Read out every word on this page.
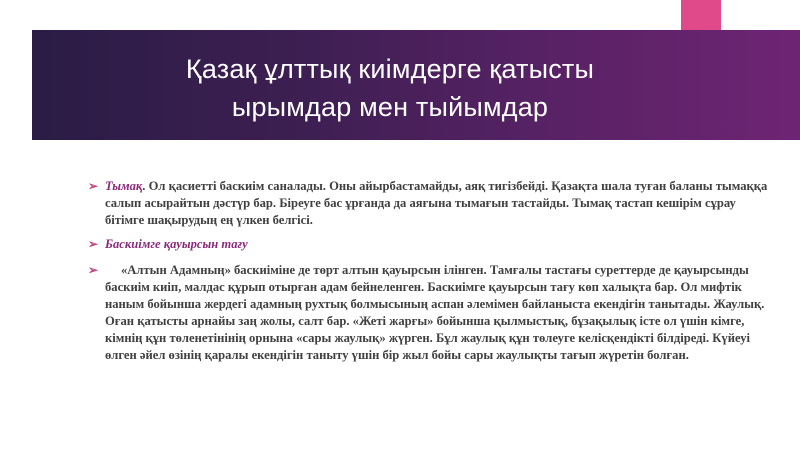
Қазақ ұлттық киімдерге қатысты
ырымдар мен тыйымдар
➢ Тымақ. Ол қасиетті баскиім саналады. Оны айырбастамайды, аяқ тигізбейді. Қазақта шала туған баланы тымаққа салып асырайтын дәстүр бар. Біреуге бас ұрғанда да аяғына тымағын тастайды. Тымақ тастап кешірім сұрау бітімге шақырудың ең үлкен белгісі.
➢ Баскиімге қауырсын тағу
➢	«Алтын Адамның» баскиіміне де төрт алтын қауырсын ілінген. Тамғалы тастағы суреттерде де қауырсынды баскиім киіп, малдас құрып отырған адам бейнеленген. Баскиімге қауырсын тағу көп халықта бар. Ол мифтік наным бойынша жердегі адамның рухтық болмысының аспан әлемімен байланыста екендігін танытады. Жаулық. Оған қатысты арнайы заң жолы, салт бар. «Жеті жарғы» бойынша қылмыстық, бұзақылық істе ол үшін кімге, кімнің құн төленетінінің орнына «сары жаулық» жүрген. Бұл жаулық құн төлеуге келісқендікті білдіреді. Күйеуі өлген әйел өзінің қаралы екендігін таныту үшін бір жыл бойы сары жаулықты тағып жүретін болған.
